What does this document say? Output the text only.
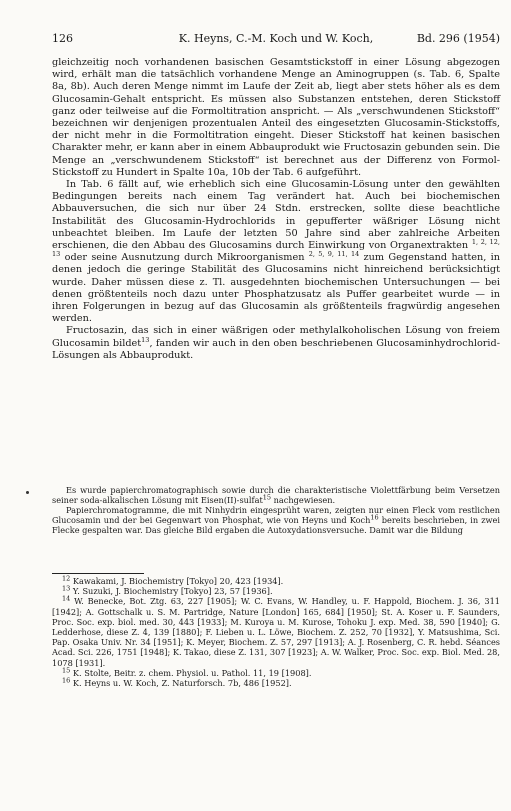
126	K. Heyns, C.-M. Koch und W. Koch,	Bd. 296 (1954)

gleichzeitig noch vorhandenen basischen Gesamtstickstoff in einer Lösung abgezogen wird, erhält man die tatsächlich vorhandene Menge an Aminogruppen (s. Tab. 6, Spalte 8a, 8b). Auch deren Menge nimmt im Laufe der Zeit ab, liegt aber stets höher als es dem Glucosamin-Gehalt entspricht. Es müssen also Substanzen entstehen, deren Stickstoff ganz oder teilweise auf die Formoltitration anspricht. — Als „verschwundenen Stickstoff“ bezeichnen wir denjenigen prozentualen Anteil des eingesetzten Glucosamin-Stickstoffs, der nicht mehr in die Formoltitration eingeht. Dieser Stickstoff hat keinen basischen Charakter mehr, er kann aber in einem Abbauprodukt wie Fructosazin gebunden sein. Die Menge an „verschwundenem Stickstoff“ ist berechnet aus der Differenz von Formol-Stickstoff zu Hundert in Spalte 10a, 10b der Tab. 6 aufgeführt.

In Tab. 6 fällt auf, wie erheblich sich eine Glucosamin-Lösung unter den gewählten Bedingungen bereits nach einem Tag verändert hat. Auch bei biochemischen Abbauversuchen, die sich nur über 24 Stdn. erstrecken, sollte diese beachtliche Instabilität des Glucosamin-Hydrochlorids in gepufferter wäßriger Lösung nicht unbeachtet bleiben. Im Laufe der letzten 50 Jahre sind aber zahlreiche Arbeiten erschienen, die den Abbau des Glucosamins durch Einwirkung von Organextrakten $^{1, 2, 12, 13}$ oder seine Ausnutzung durch Mikroorganismen $^{2, 5, 9, 11, 14}$ zum Gegenstand hatten, in denen jedoch die geringe Stabilität des Glucosamins nicht hinreichend berücksichtigt wurde. Daher müssen diese z. Tl. ausgedehnten biochemischen Untersuchungen — bei denen größtenteils noch dazu unter Phosphatzusatz als Puffer gearbeitet wurde — in ihren Folgerungen in bezug auf das Glucosamin als größtenteils fragwürdig angesehen werden.

Fructosazin, das sich in einer wäßrigen oder methylalkoholischen Lösung von freiem Glucosamin bildet$^{13}$, fanden wir auch in den oben beschriebenen Glucosaminhydrochlorid-Lösungen als Abbauprodukt.

Es wurde papierchromatographisch sowie durch die charakteristische Violettfärbung beim Versetzen seiner soda-alkalischen Lösung mit Eisen(II)-sulfat$^{15}$ nachgewiesen.

Papierchromatogramme, die mit Ninhydrin eingesprüht waren, zeigten nur einen Fleck vom restlichen Glucosamin und der bei Gegenwart von Phosphat, wie von Heyns und Koch$^{16}$ bereits beschrieben, in zwei Flecke gespalten war. Das gleiche Bild ergaben die Autoxydationsversuche. Damit war die Bildung

$^{12}$ Kawakami, J. Biochemistry [Tokyo] 20, 423 [1934].

$^{13}$ Y. Suzuki, J. Biochemistry [Tokyo] 23, 57 [1936].

$^{14}$ W. Benecke, Bot. Ztg. 63, 227 [1905]; W. C. Evans, W. Handley, u. F. Happold, Biochem. J. 36, 311 [1942]; A. Gottschalk u. S. M. Partridge, Nature [London] 165, 684] [1950]; St. A. Koser u. F. Saunders, Proc. Soc. exp. biol. med. 30, 443 [1933]; M. Kuroya u. M. Kurose, Tohoku J. exp. Med. 38, 590 [1940]; G. Ledderhose, diese Z. 4, 139 [1880]; F. Lieben u. L. Löwe, Biochem. Z. 252, 70 [1932], Y. Matsushima, Sci. Pap. Osaka Univ. Nr. 34 [1951]; K. Meyer, Biochem. Z. 57, 297 [1913]; A. J. Rosenberg, C. R. hebd. Séances Acad. Sci. 226, 1751 [1948]; K. Takao, diese Z. 131, 307 [1923]; A. W. Walker, Proc. Soc. exp. Biol. Med. 28, 1078 [1931].

$^{15}$ K. Stolte, Beitr. z. chem. Physiol. u. Pathol. 11, 19 [1908].

$^{16}$ K. Heyns u. W. Koch, Z. Naturforsch. 7b, 486 [1952].
